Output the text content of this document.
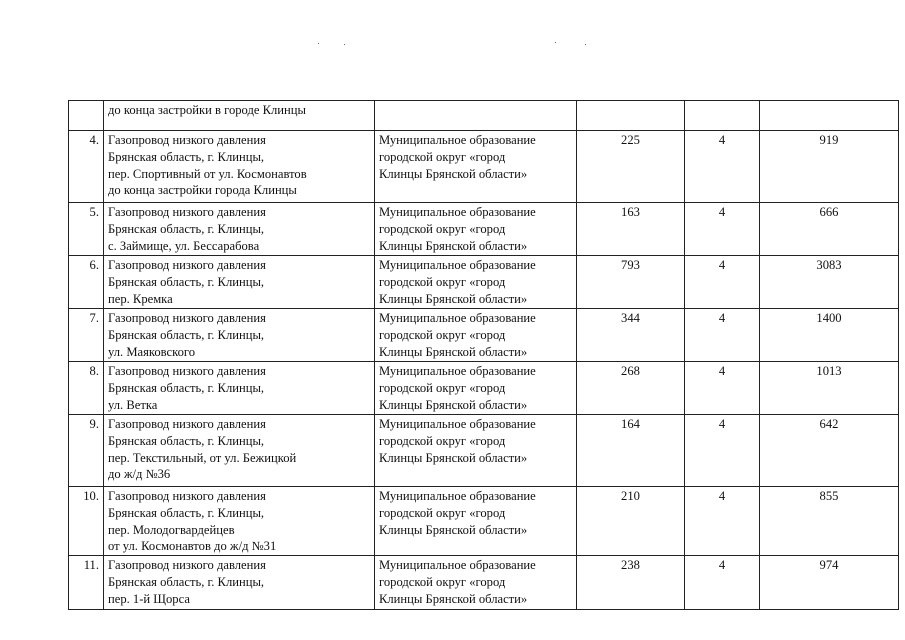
	до конца застройки в городе Клинцы				

4.	Газопровод низкого давления
Брянская область, г. Клинцы,
пер. Спортивный от ул. Космонавтов
до конца застройки города Клинцы	Муниципальное образование
городской округ «город
Клинцы Брянской области»	225	4	919
5.	Газопровод низкого давления
Брянская область, г. Клинцы,
с. Займище, ул. Бессарабова	Муниципальное образование
городской округ «город
Клинцы Брянской области»	163	4	666
6.	Газопровод низкого давления
Брянская область, г. Клинцы,
пер. Кремка	Муниципальное образование
городской округ «город
Клинцы Брянской области»	793	4	3083
7.	Газопровод низкого давления
Брянская область, г. Клинцы,
ул. Маяковского	Муниципальное образование
городской округ «город
Клинцы Брянской области»	344	4	1400
8.	Газопровод низкого давления
Брянская область, г. Клинцы,
ул. Ветка	Муниципальное образование
городской округ «город
Клинцы Брянской области»	268	4	1013
9.	Газопровод низкого давления
Брянская область, г. Клинцы,
пер. Текстильный, от ул. Бежицкой
до ж/д №36	Муниципальное образование
городской округ «город
Клинцы Брянской области»	164	4	642
10.	Газопровод низкого давления
Брянская область, г. Клинцы,
пер. Молодогвардейцев
от ул. Космонавтов до ж/д №31	Муниципальное образование
городской округ «город
Клинцы Брянской области»	210	4	855
11.	Газопровод низкого давления
Брянская область, г. Клинцы,
пер. 1-й Щорса	Муниципальное образование
городской округ «город
Клинцы Брянской области»	238	4	974
